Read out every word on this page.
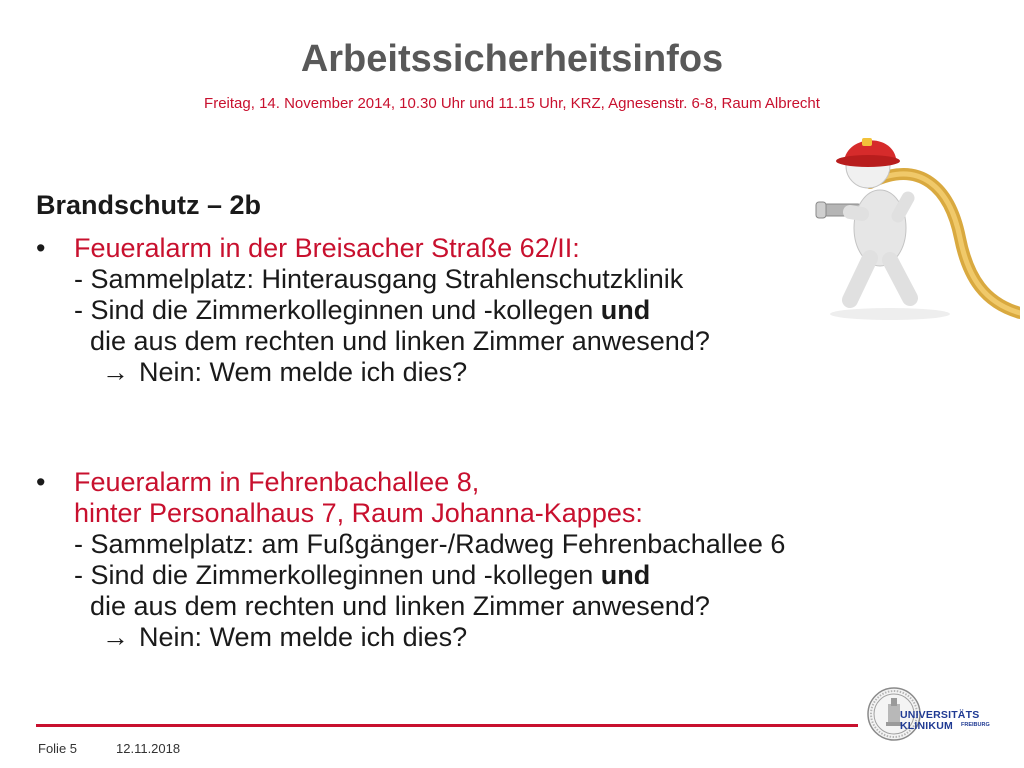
Arbeitssicherheitsinfos

Freitag, 14. November 2014, 10.30 Uhr und 11.15 Uhr, KRZ, Agnesenstr. 6-8, Raum Albrecht

Brandschutz – 2b
• Feueralarm in der Breisacher Straße 62/II:
- Sammelplatz: Hinterausgang Strahlenschutzklinik
- Sind die Zimmerkolleginnen und -kollegen und
die aus dem rechten und linken Zimmer anwesend?
→ Nein: Wem melde ich dies?
• Feueralarm in Fehrenbachallee 8,
hinter Personalhaus 7, Raum Johanna-Kappes:
- Sammelplatz: am Fußgänger-/Radweg Fehrenbachallee 6
- Sind die Zimmerkolleginnen und -kollegen und
die aus dem rechten und linken Zimmer anwesend?
→ Nein: Wem melde ich dies?
Folie 5	12.11.2018
UNIVERSITÄTS
KLINIKUM FREIBURG
